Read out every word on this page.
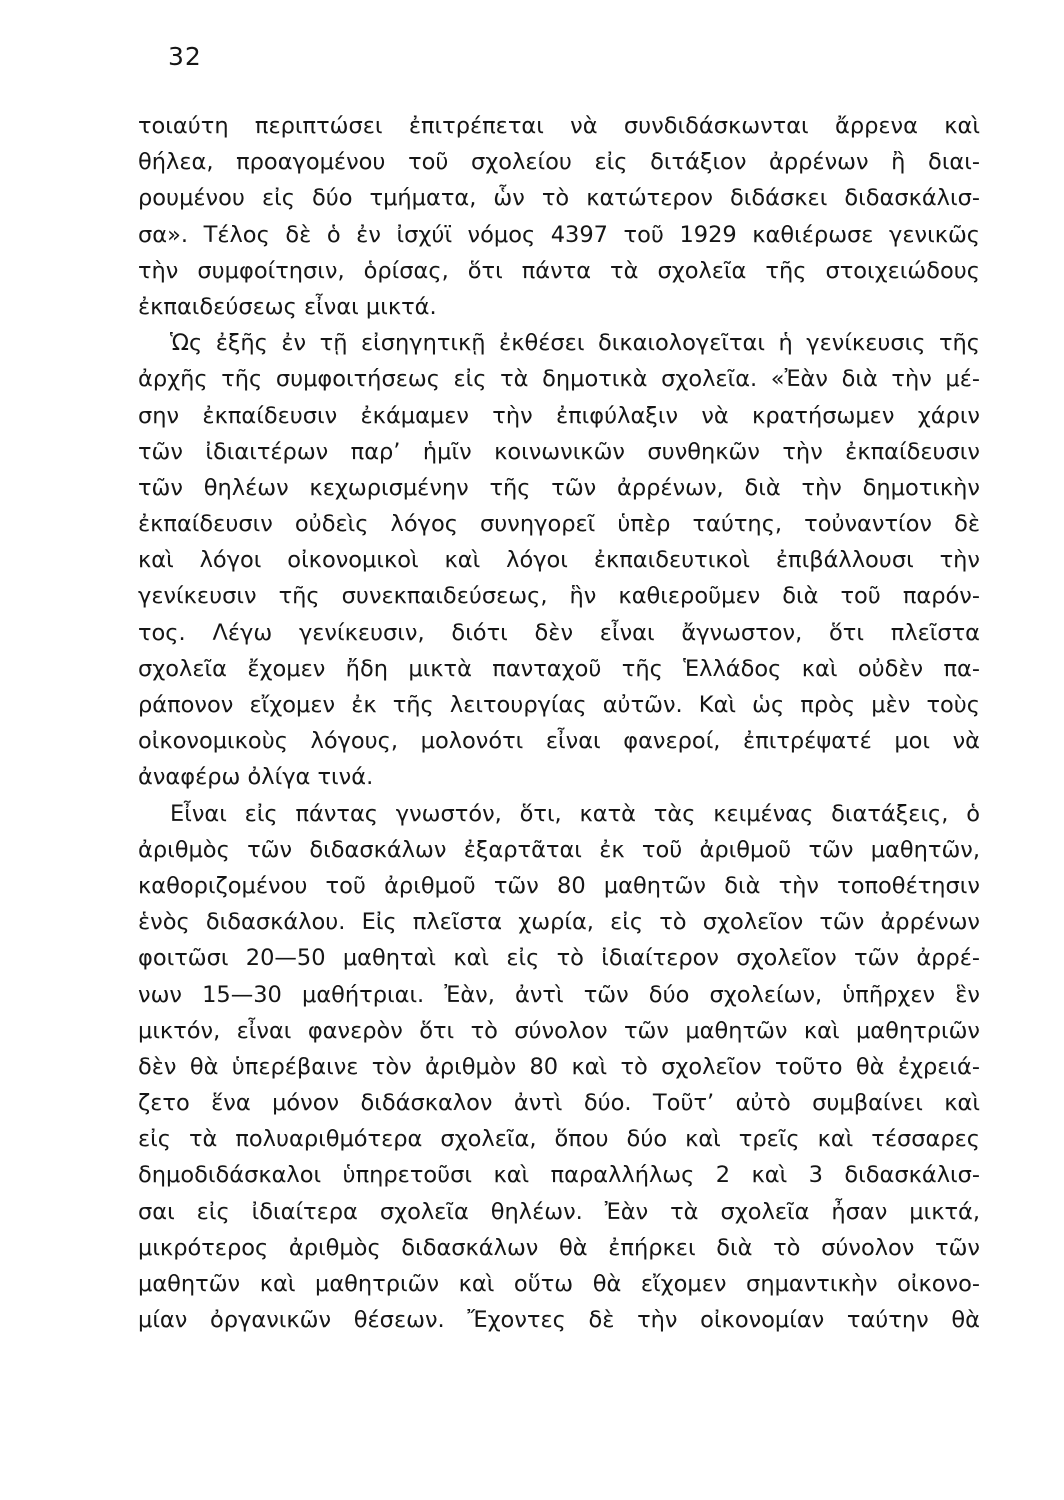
32
τοιαύτη περιπτώσει ἐπιτρέπεται νὰ συνδιδάσκωνται ἄρρενα καὶ
θήλεα, προαγομένου τοῦ σχολείου εἰς διτάξιον ἀρρένων ἢ διαι-
ρουμένου εἰς δύο τμήματα, ὧν τὸ κατώτερον διδάσκει διδασκάλισ-
σα». Τέλος δὲ ὁ ἐν ἰσχύϊ νόμος 4397 τοῦ 1929 καθιέρωσε γενικῶς
τὴν συμφοίτησιν, ὁρίσας, ὅτι πάντα τὰ σχολεῖα τῆς στοιχειώδους
ἐκπαιδεύσεως εἶναι μικτά.
Ὡς ἐξῆς ἐν τῇ εἰσηγητικῇ ἐκθέσει δικαιολογεῖται ἡ γενίκευσις τῆς
ἀρχῆς τῆς συμφοιτήσεως εἰς τὰ δημοτικὰ σχολεῖα. «Ἐὰν διὰ τὴν μέ-
σην ἐκπαίδευσιν ἐκάμαμεν τὴν ἐπιφύλαξιν νὰ κρατήσωμεν χάριν
τῶν ἰδιαιτέρων παρ’ ἡμῖν κοινωνικῶν συνθηκῶν τὴν ἐκπαίδευσιν
τῶν θηλέων κεχωρισμένην τῆς τῶν ἀρρένων, διὰ τὴν δημοτικὴν
ἐκπαίδευσιν οὐδεὶς λόγος συνηγορεῖ ὑπὲρ ταύτης, τοὐναντίον δὲ
καὶ λόγοι οἰκονομικοὶ καὶ λόγοι ἐκπαιδευτικοὶ ἐπιβάλλουσι τὴν
γενίκευσιν τῆς συνεκπαιδεύσεως, ἣν καθιεροῦμεν διὰ τοῦ παρόν-
τος. Λέγω γενίκευσιν, διότι δὲν εἶναι ἄγνωστον, ὅτι πλεῖστα
σχολεῖα ἔχομεν ἤδη μικτὰ πανταχοῦ τῆς Ἑλλάδος καὶ οὐδὲν πα-
ράπονον εἴχομεν ἐκ τῆς λειτουργίας αὐτῶν. Καὶ ὡς πρὸς μὲν τοὺς
οἰκονομικοὺς λόγους, μολονότι εἶναι φανεροί, ἐπιτρέψατέ μοι νὰ
ἀναφέρω ὀλίγα τινά.
Εἶναι εἰς πάντας γνωστόν, ὅτι, κατὰ τὰς κειμένας διατάξεις, ὁ
ἀριθμὸς τῶν διδασκάλων ἐξαρτᾶται ἐκ τοῦ ἀριθμοῦ τῶν μαθητῶν,
καθοριζομένου τοῦ ἀριθμοῦ τῶν 80 μαθητῶν διὰ τὴν τοποθέτησιν
ἑνὸς διδασκάλου. Εἰς πλεῖστα χωρία, εἰς τὸ σχολεῖον τῶν ἀρρένων
φοιτῶσι 20—50 μαθηταὶ καὶ εἰς τὸ ἰδιαίτερον σχολεῖον τῶν ἀρρέ-
νων 15—30 μαθήτριαι. Ἐὰν, ἀντὶ τῶν δύο σχολείων, ὑπῆρχεν ἓν
μικτόν, εἶναι φανερὸν ὅτι τὸ σύνολον τῶν μαθητῶν καὶ μαθητριῶν
δὲν θὰ ὑπερέβαινε τὸν ἀριθμὸν 80 καὶ τὸ σχολεῖον τοῦτο θὰ ἐχρειά-
ζετο ἕνα μόνον διδάσκαλον ἀντὶ δύο. Τοῦτ’ αὐτὸ συμβαίνει καὶ
εἰς τὰ πολυαριθμότερα σχολεῖα, ὅπου δύο καὶ τρεῖς καὶ τέσσαρες
δημοδιδάσκαλοι ὑπηρετοῦσι καὶ παραλλήλως 2 καὶ 3 διδασκάλισ-
σαι εἰς ἰδιαίτερα σχολεῖα θηλέων. Ἐὰν τὰ σχολεῖα ἦσαν μικτά,
μικρότερος ἀριθμὸς διδασκάλων θὰ ἐπήρκει διὰ τὸ σύνολον τῶν
μαθητῶν καὶ μαθητριῶν καὶ οὕτω θὰ εἴχομεν σημαντικὴν οἰκονο-
μίαν ὀργανικῶν θέσεων. Ἔχοντες δὲ τὴν οἰκονομίαν ταύτην θὰ
